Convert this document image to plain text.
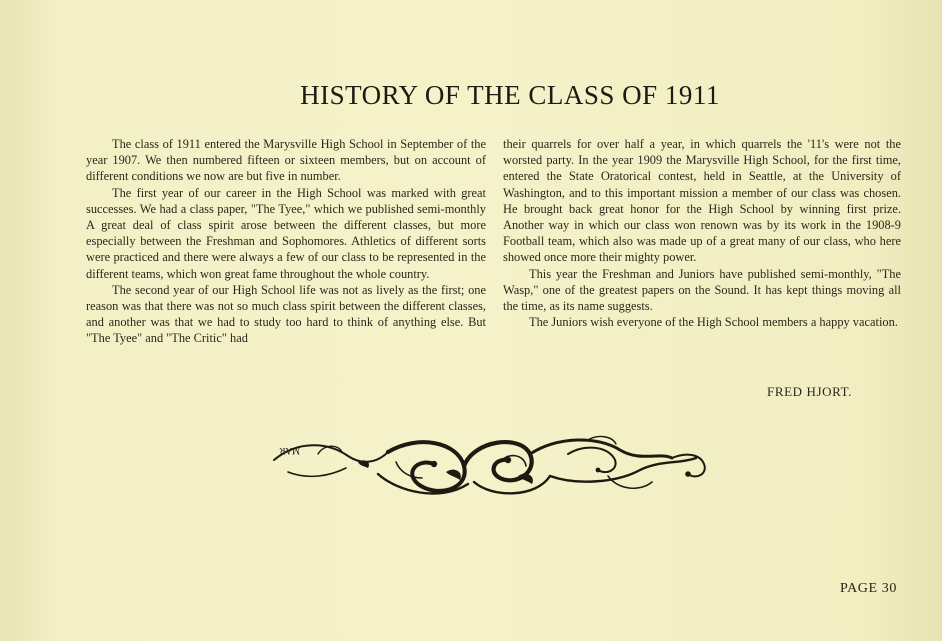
HISTORY OF THE CLASS OF 1911

The class of 1911 entered the Marysville High School in September of the year 1907. We then numbered fifteen or sixteen members, but on account of different conditions we now are but five in number.

The first year of our career in the High School was marked with great successes. We had a class paper, "The Tyee," which we published semi-monthly A great deal of class spirit arose between the different classes, but more especially between the Freshman and Sophomores. Athletics of different sorts were practiced and there were always a few of our class to be represented in the different teams, which won great fame throughout the whole country.

The second year of our High School life was not as lively as the first; one reason was that there was not so much class spirit between the different classes, and another was that we had to study too hard to think of anything else. But "The Tyee" and "The Critic" had

their quarrels for over half a year, in which quarrels the '11's were not the worsted party. In the year 1909 the Marysville High School, for the first time, entered the State Oratorical contest, held in Seattle, at the University of Washington, and to this important mission a member of our class was chosen. He brought back great honor for the High School by winning first prize. Another way in which our class won renown was by its work in the 1908-9 Football team, which also was made up of a great many of our class, who here showed once more their mighty power.

This year the Freshman and Juniors have published semi-monthly, "The Wasp," one of the greatest papers on the Sound. It has kept things moving all the time, as its name suggests.

The Juniors wish everyone of the High School members a happy vacation.

FRED HJORT.
MAR
PAGE 30
